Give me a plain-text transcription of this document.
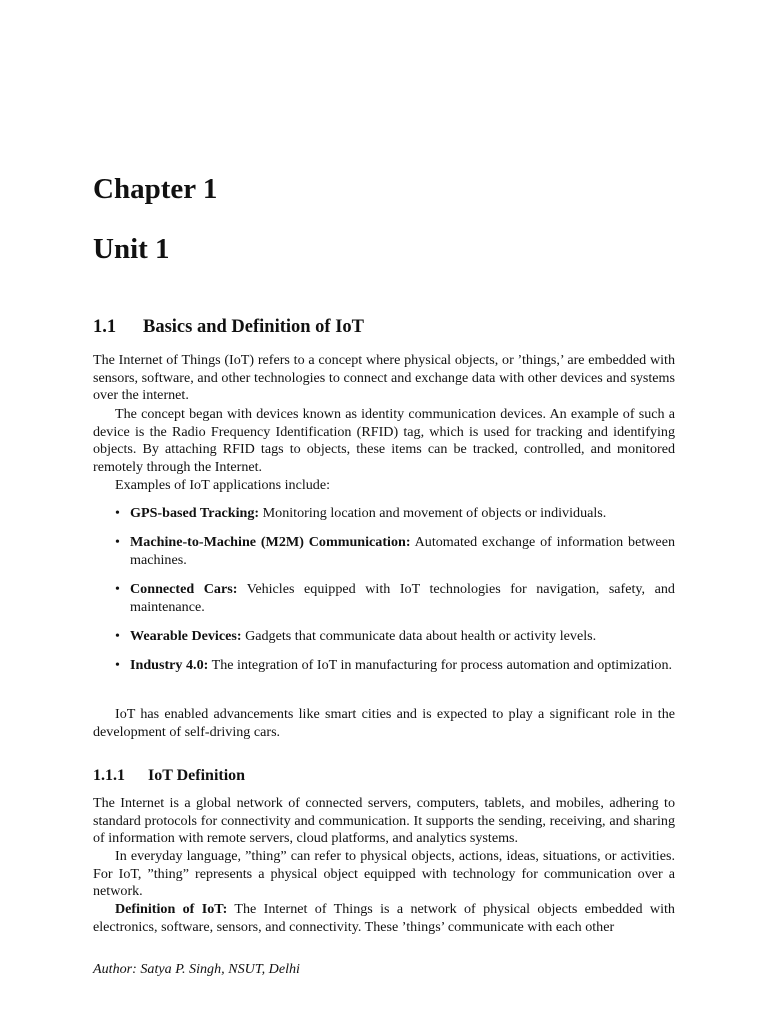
Chapter 1
Unit 1
1.1 Basics and Definition of IoT

The Internet of Things (IoT) refers to a concept where physical objects, or ’things,’ are embedded with sensors, software, and other technologies to connect and exchange data with other devices and systems over the internet.

The concept began with devices known as identity communication devices. An example of such a device is the Radio Frequency Identification (RFID) tag, which is used for tracking and identifying objects. By attaching RFID tags to objects, these items can be tracked, controlled, and monitored remotely through the Internet.

Examples of IoT applications include:

• GPS-based Tracking: Monitoring location and movement of objects or individuals.
• Machine-to-Machine (M2M) Communication: Automated exchange of information between machines.
• Connected Cars: Vehicles equipped with IoT technologies for navigation, safety, and maintenance.
• Wearable Devices: Gadgets that communicate data about health or activity levels.
• Industry 4.0: The integration of IoT in manufacturing for process automation and optimization.

IoT has enabled advancements like smart cities and is expected to play a significant role in the development of self-driving cars.

1.1.1 IoT Definition

The Internet is a global network of connected servers, computers, tablets, and mobiles, adhering to standard protocols for connectivity and communication. It supports the sending, receiving, and sharing of information with remote servers, cloud platforms, and analytics systems.

In everyday language, ”thing” can refer to physical objects, actions, ideas, situations, or activities. For IoT, ”thing” represents a physical object equipped with technology for communication over a network.

Definition of IoT: The Internet of Things is a network of physical objects embedded with electronics, software, sensors, and connectivity. These ’things’ communicate with each other

Author: Satya P. Singh, NSUT, Delhi
